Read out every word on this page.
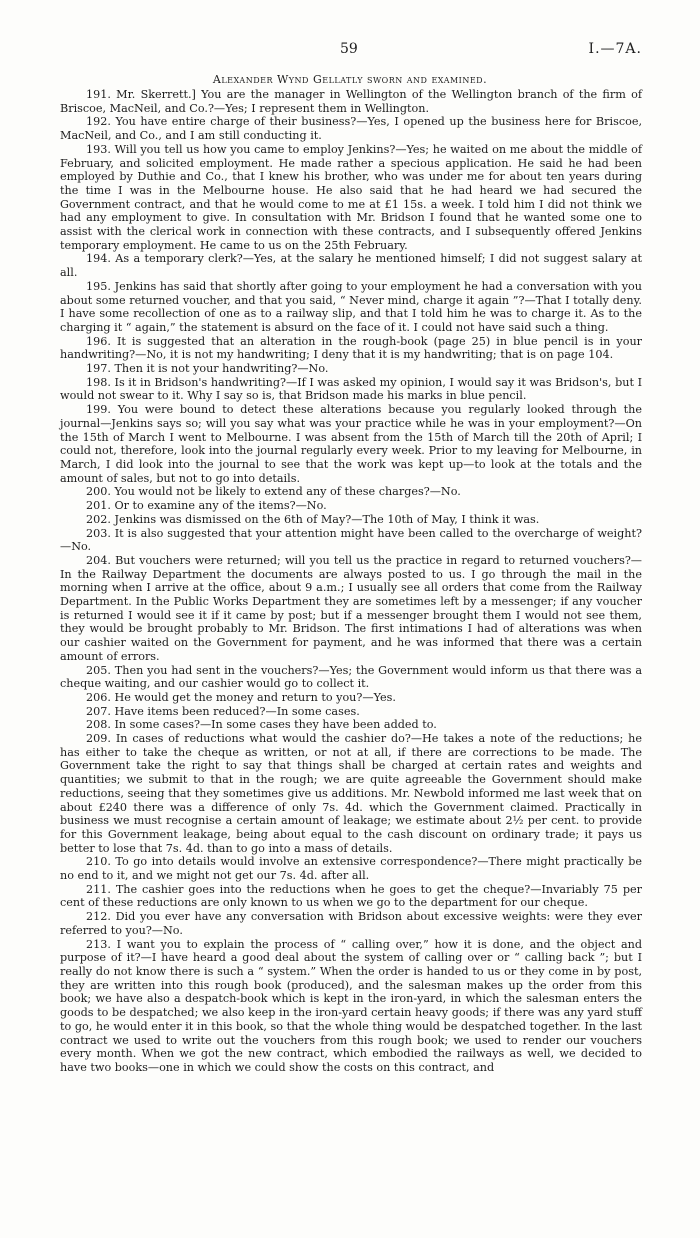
59	I.—7A.
Alexander Wynd Gellatly sworn and examined.

191. Mr. Skerrett.] You are the manager in Wellington of the Wellington branch of the firm of Briscoe, MacNeil, and Co.?—Yes; I represent them in Wellington.

192. You have entire charge of their business?—Yes, I opened up the business here for Briscoe, MacNeil, and Co., and I am still conducting it.

193. Will you tell us how you came to employ Jenkins?—Yes; he waited on me about the middle of February, and solicited employment. He made rather a specious application. He said he had been employed by Duthie and Co., that I knew his brother, who was under me for about ten years during the time I was in the Melbourne house. He also said that he had heard we had secured the Government contract, and that he would come to me at £1 15s. a week. I told him I did not think we had any employment to give. In consultation with Mr. Bridson I found that he wanted some one to assist with the clerical work in connection with these contracts, and I subsequently offered Jenkins temporary employment. He came to us on the 25th February.

194. As a temporary clerk?—Yes, at the salary he mentioned himself; I did not suggest salary at all.

195. Jenkins has said that shortly after going to your employment he had a conversation with you about some returned voucher, and that you said, “ Never mind, charge it again ”?—That I totally deny. I have some recollection of one as to a railway slip, and that I told him he was to charge it. As to the charging it “ again,” the statement is absurd on the face of it. I could not have said such a thing.

196. It is suggested that an alteration in the rough-book (page 25) in blue pencil is in your handwriting?—No, it is not my handwriting; I deny that it is my handwriting; that is on page 104.

197. Then it is not your handwriting?—No.

198. Is it in Bridson's handwriting?—If I was asked my opinion, I would say it was Bridson's, but I would not swear to it. Why I say so is, that Bridson made his marks in blue pencil.

199. You were bound to detect these alterations because you regularly looked through the journal—Jenkins says so; will you say what was your practice while he was in your employment?—On the 15th of March I went to Melbourne. I was absent from the 15th of March till the 20th of April; I could not, therefore, look into the journal regularly every week. Prior to my leaving for Melbourne, in March, I did look into the journal to see that the work was kept up—to look at the totals and the amount of sales, but not to go into details.

200. You would not be likely to extend any of these charges?—No.

201. Or to examine any of the items?—No.

202. Jenkins was dismissed on the 6th of May?—The 10th of May, I think it was.

203. It is also suggested that your attention might have been called to the overcharge of weight?—No.

204. But vouchers were returned; will you tell us the practice in regard to returned vouchers?—In the Railway Department the documents are always posted to us. I go through the mail in the morning when I arrive at the office, about 9 a.m.; I usually see all orders that come from the Railway Department. In the Public Works Department they are sometimes left by a messenger; if any voucher is returned I would see it if it came by post; but if a messenger brought them I would not see them, they would be brought probably to Mr. Bridson. The first intimations I had of alterations was when our cashier waited on the Government for payment, and he was informed that there was a certain amount of errors.

205. Then you had sent in the vouchers?—Yes; the Government would inform us that there was a cheque waiting, and our cashier would go to collect it.

206. He would get the money and return to you?—Yes.

207. Have items been reduced?—In some cases.

208. In some cases?—In some cases they have been added to.

209. In cases of reductions what would the cashier do?—He takes a note of the reductions; he has either to take the cheque as written, or not at all, if there are corrections to be made. The Government take the right to say that things shall be charged at certain rates and weights and quantities; we submit to that in the rough; we are quite agreeable the Government should make reductions, seeing that they sometimes give us additions. Mr. Newbold informed me last week that on about £240 there was a difference of only 7s. 4d. which the Government claimed. Practically in business we must recognise a certain amount of leakage; we estimate about 2½ per cent. to provide for this Government leakage, being about equal to the cash discount on ordinary trade; it pays us better to lose that 7s. 4d. than to go into a mass of details.

210. To go into details would involve an extensive correspondence?—There might practically be no end to it, and we might not get our 7s. 4d. after all.

211. The cashier goes into the reductions when he goes to get the cheque?—Invariably 75 per cent of these reductions are only known to us when we go to the department for our cheque.

212. Did you ever have any conversation with Bridson about excessive weights: were they ever referred to you?—No.

213. I want you to explain the process of “ calling over,” how it is done, and the object and purpose of it?—I have heard a good deal about the system of calling over or “ calling back ”; but I really do not know there is such a “ system.” When the order is handed to us or they come in by post, they are written into this rough book (produced), and the salesman makes up the order from this book; we have also a despatch-book which is kept in the iron-yard, in which the salesman enters the goods to be despatched; we also keep in the iron-yard certain heavy goods; if there was any yard stuff to go, he would enter it in this book, so that the whole thing would be despatched together. In the last contract we used to write out the vouchers from this rough book; we used to render our vouchers every month. When we got the new contract, which embodied the railways as well, we decided to have two books—one in which we could show the costs on this contract, and
